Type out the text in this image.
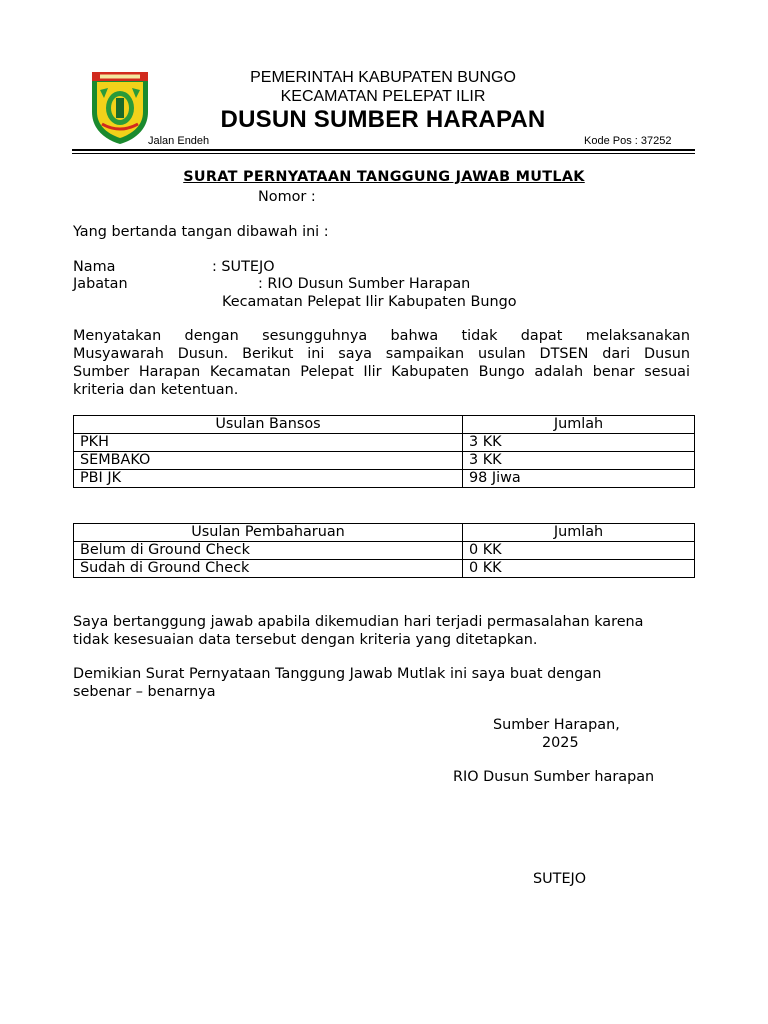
PEMERINTAH KABUPATEN BUNGO
KECAMATAN PELEPAT ILIR
DUSUN SUMBER HARAPAN
Jalan Endeh	Kode Pos : 37252
SURAT PERNYATAAN TANGGUNG JAWAB MUTLAK
Nomor :
Yang bertanda tangan dibawah ini :
Nama	: SUTEJO
Jabatan	: RIO Dusun Sumber Harapan
Kecamatan Pelepat Ilir Kabupaten Bungo
Menyatakan dengan sesungguhnya bahwa tidak dapat melaksanakan
Musyawarah Dusun. Berikut ini saya sampaikan usulan DTSEN dari Dusun
Sumber Harapan Kecamatan Pelepat Ilir Kabupaten Bungo adalah benar sesuai
kriteria dan ketentuan.
Usulan Bansos	Jumlah
PKH	3 KK
SEMBAKO	3 KK
PBI JK	98 Jiwa
Usulan Pembaharuan	Jumlah
Belum di Ground Check	0 KK
Sudah di Ground Check	0 KK
Saya bertanggung jawab apabila dikemudian hari terjadi permasalahan karena
tidak kesesuaian data tersebut dengan kriteria yang ditetapkan.
Demikian Surat Pernyataan Tanggung Jawab Mutlak ini saya buat dengan
sebenar – benarnya
Sumber Harapan,
2025
RIO Dusun Sumber harapan
SUTEJO
